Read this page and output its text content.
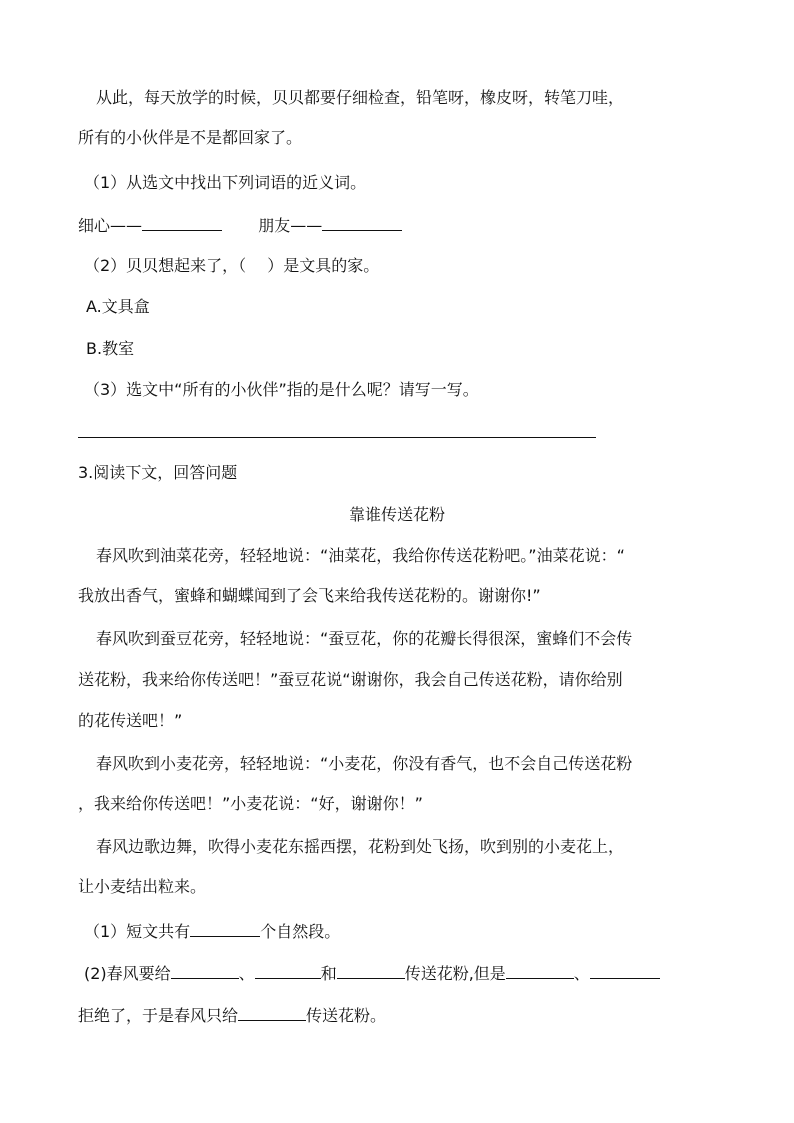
从此，每天放学的时候，贝贝都要仔细检查，铅笔呀，橡皮呀，转笔刀哇，
所有的小伙伴是不是都回家了。
（1）从选文中找出下列词语的近义词。
细心——	朋友——
（2）贝贝想起来了，（　 ）是文具的家。
A.文具盒
B.教室
（3）选文中“所有的小伙伴”指的是什么呢？请写一写。
3.阅读下文，回答问题
靠谁传送花粉
春风吹到油菜花旁，轻轻地说：“油菜花，我给你传送花粉吧。”油菜花说：“
我放出香气，蜜蜂和蝴蝶闻到了会飞来给我传送花粉的。谢谢你!”
春风吹到蚕豆花旁，轻轻地说：“蚕豆花，你的花瓣长得很深，蜜蜂们不会传
送花粉，我来给你传送吧！”蚕豆花说“谢谢你，我会自己传送花粉，请你给别
的花传送吧！”
春风吹到小麦花旁，轻轻地说：“小麦花，你没有香气，也不会自己传送花粉
，我来给你传送吧！”小麦花说：“好，谢谢你！”
春风边歌边舞，吹得小麦花东摇西摆，花粉到处飞扬，吹到别的小麦花上，
让小麦结出粒来。
（1）短文共有	个自然段。
(2)春风要给	、	和	传送花粉,但是	、
拒绝了，于是春风只给	传送花粉。
